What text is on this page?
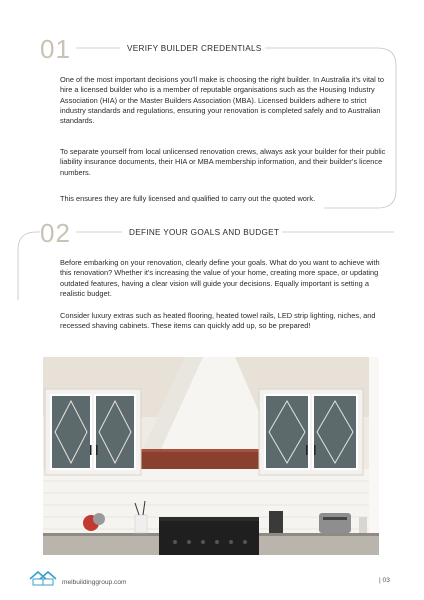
01	VERIFY BUILDER CREDENTIALS

One of the most important decisions you’ll make is choosing the right builder. In Australia it’s vital to hire a licensed builder who is a member of reputable organisations such as the Housing Industry Association (HIA) or the Master Builders Association (MBA). Licensed builders adhere to strict industry standards and regulations, ensuring your renovation is completed safely and to Australian standards.

To separate yourself from local unlicensed renovation crews, always ask your builder for their public liability insurance documents, their HIA or MBA membership information, and their builder’s licence numbers.

This ensures they are fully licensed and qualified to carry out the quoted work.

02	DEFINE YOUR GOALS AND BUDGET

Before embarking on your renovation, clearly define your goals. What do you want to achieve with this renovation? Whether it’s increasing the value of your home, creating more space, or updating outdated features, having a clear vision will guide your decisions. Equally important is setting a realistic budget.

Consider luxury extras such as heated flooring, heated towel rails, LED strip lighting, niches, and recessed shaving cabinets. These items can quickly add up, so be prepared!

melbuildinggroup.com	| 03
